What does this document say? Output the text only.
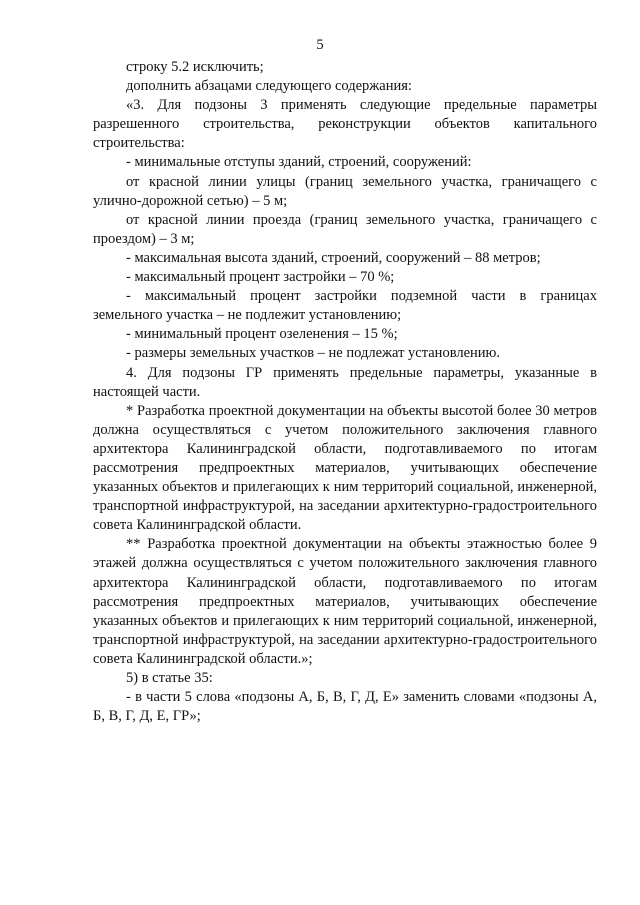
5

строку 5.2 исключить;

дополнить абзацами следующего содержания:

«3. Для подзоны 3 применять следующие предельные параметры разрешенного строительства, реконструкции объектов капитального строительства:

- минимальные отступы зданий, строений, сооружений:

от красной линии улицы (границ земельного участка, граничащего с улично-дорожной сетью) – 5 м;

от красной линии проезда (границ земельного участка, граничащего с проездом) – 3 м;

- максимальная высота зданий, строений, сооружений – 88 метров;

- максимальный процент застройки – 70 %;

- максимальный процент застройки подземной части в границах земельного участка – не подлежит установлению;

- минимальный процент озеленения – 15 %;

- размеры земельных участков – не подлежат установлению.

4. Для подзоны ГР применять предельные параметры, указанные в настоящей части.

* Разработка проектной документации на объекты высотой более 30 метров должна осуществляться с учетом положительного заключения главного архитектора Калининградской области, подготавливаемого по итогам рассмотрения предпроектных материалов, учитывающих обеспечение указанных объектов и прилегающих к ним территорий социальной, инженерной, транспортной инфраструктурой, на заседании архитектурно-градостроительного совета Калининградской области.

** Разработка проектной документации на объекты этажностью более 9 этажей должна осуществляться с учетом положительного заключения главного архитектора Калининградской области, подготавливаемого по итогам рассмотрения предпроектных материалов, учитывающих обеспечение указанных объектов и прилегающих к ним территорий социальной, инженерной, транспортной инфраструктурой, на заседании архитектурно-градостроительного совета Калининградской области.»;

5) в статье 35:

- в части 5 слова «подзоны А, Б, В, Г, Д, Е» заменить словами «подзоны А, Б, В, Г, Д, Е, ГР»;
